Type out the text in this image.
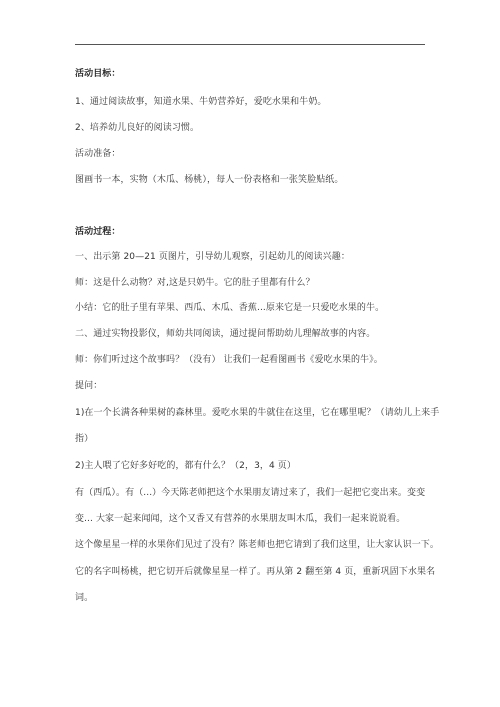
活动目标：
1、通过阅读故事，知道水果、牛奶营养好，爱吃水果和牛奶。
2、培养幼儿良好的阅读习惯。
活动准备：
图画书一本，实物（木瓜、杨桃），每人一份表格和一张笑脸贴纸。
活动过程：
一、出示第 20—21 页图片，引导幼儿观察，引起幼儿的阅读兴趣：
师：这是什么动物？对,这是只奶牛。它的肚子里都有什么？
小结：它的肚子里有苹果、西瓜、木瓜、香蕉...原来它是一只爱吃水果的牛。
二、通过实物投影仪，师幼共同阅读，通过提问帮助幼儿理解故事的内容。
师：你们听过这个故事吗？（没有） 让我们一起看图画书《爱吃水果的牛》。
提问：
1)在一个长满各种果树的森林里。爱吃水果的牛就住在这里，它在哪里呢？（请幼儿上来手
指）
2)主人喂了它好多好吃的，都有什么？（2，3，4 页）
有（西瓜）。有（...）今天陈老师把这个水果朋友请过来了，我们一起把它变出来。变变
变... 大家一起来闻闻，这个又香又有营养的水果朋友叫木瓜，我们一起来说说看。
这个像星星一样的水果你们见过了没有？陈老师也把它请到了我们这里，让大家认识一下。
它的名字叫杨桃，把它切开后就像星星一样了。再从第 2 翻至第 4 页，重新巩固下水果名
词。
